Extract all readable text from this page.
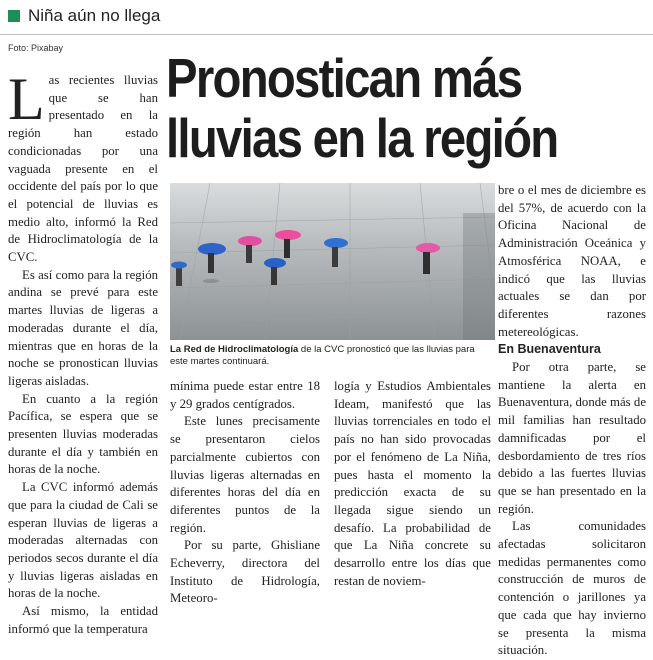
Niña aún no llega
Foto: Pixabay Pronostican más
lluvias en la región

Las recientes lluvias que se han presentado en la región han estado condicionadas por una vaguada presente en el occidente del país por lo que el potencial de lluvias es medio alto, informó la Red de Hidroclimatología de la CVC.

Es así como para la región andina se prevé para este martes lluvias de ligeras a moderadas durante el día, mientras que en horas de la noche se pronostican lluvias ligeras aisladas.

En cuanto a la región Pacífica, se espera que se presenten lluvias moderadas durante el día y también en horas de la noche.

La CVC informó además que para la ciudad de Cali se esperan lluvias de ligeras a moderadas alternadas con periodos secos durante el día y lluvias ligeras aisladas en horas de la noche.

Así mismo, la entidad informó que la temperatura

La Red de Hidroclimatología de la CVC pronosticó que las lluvias para este martes continuará.

mínima puede estar entre 18 y 29 grados centígrados.

Este lunes precisamente se presentaron cielos parcialmente cubiertos con lluvias ligeras alternadas en diferentes horas del día en diferentes puntos de la región.

Por su parte, Ghisliane Echeverry, directora del Instituto de Hidrología, Meteoro-

logía y Estudios Ambientales Ideam, manifestó que las lluvias torrenciales en todo el país no han sido provocadas por el fenómeno de La Niña, pues hasta el momento la predicción exacta de su llegada sigue siendo un desafío. La probabilidad de que La Niña concrete su desarrollo entre los días que restan de noviem-

bre o el mes de diciembre es del 57%, de acuerdo con la Oficina Nacional de Administración Oceánica y Atmosférica NOAA, e indicó que las lluvias actuales se dan por diferentes razones metereológicas.

En Buenaventura

Por otra parte, se mantiene la alerta en Buenaventura, donde más de mil familias han resultado damnificadas por el desbordamiento de tres ríos debido a las fuertes lluvias que se han presentado en la región.

Las comunidades afectadas solicitaron medidas permanentes como construcción de muros de contención o jarillones ya que cada que hay invierno se presenta la misma situación.
